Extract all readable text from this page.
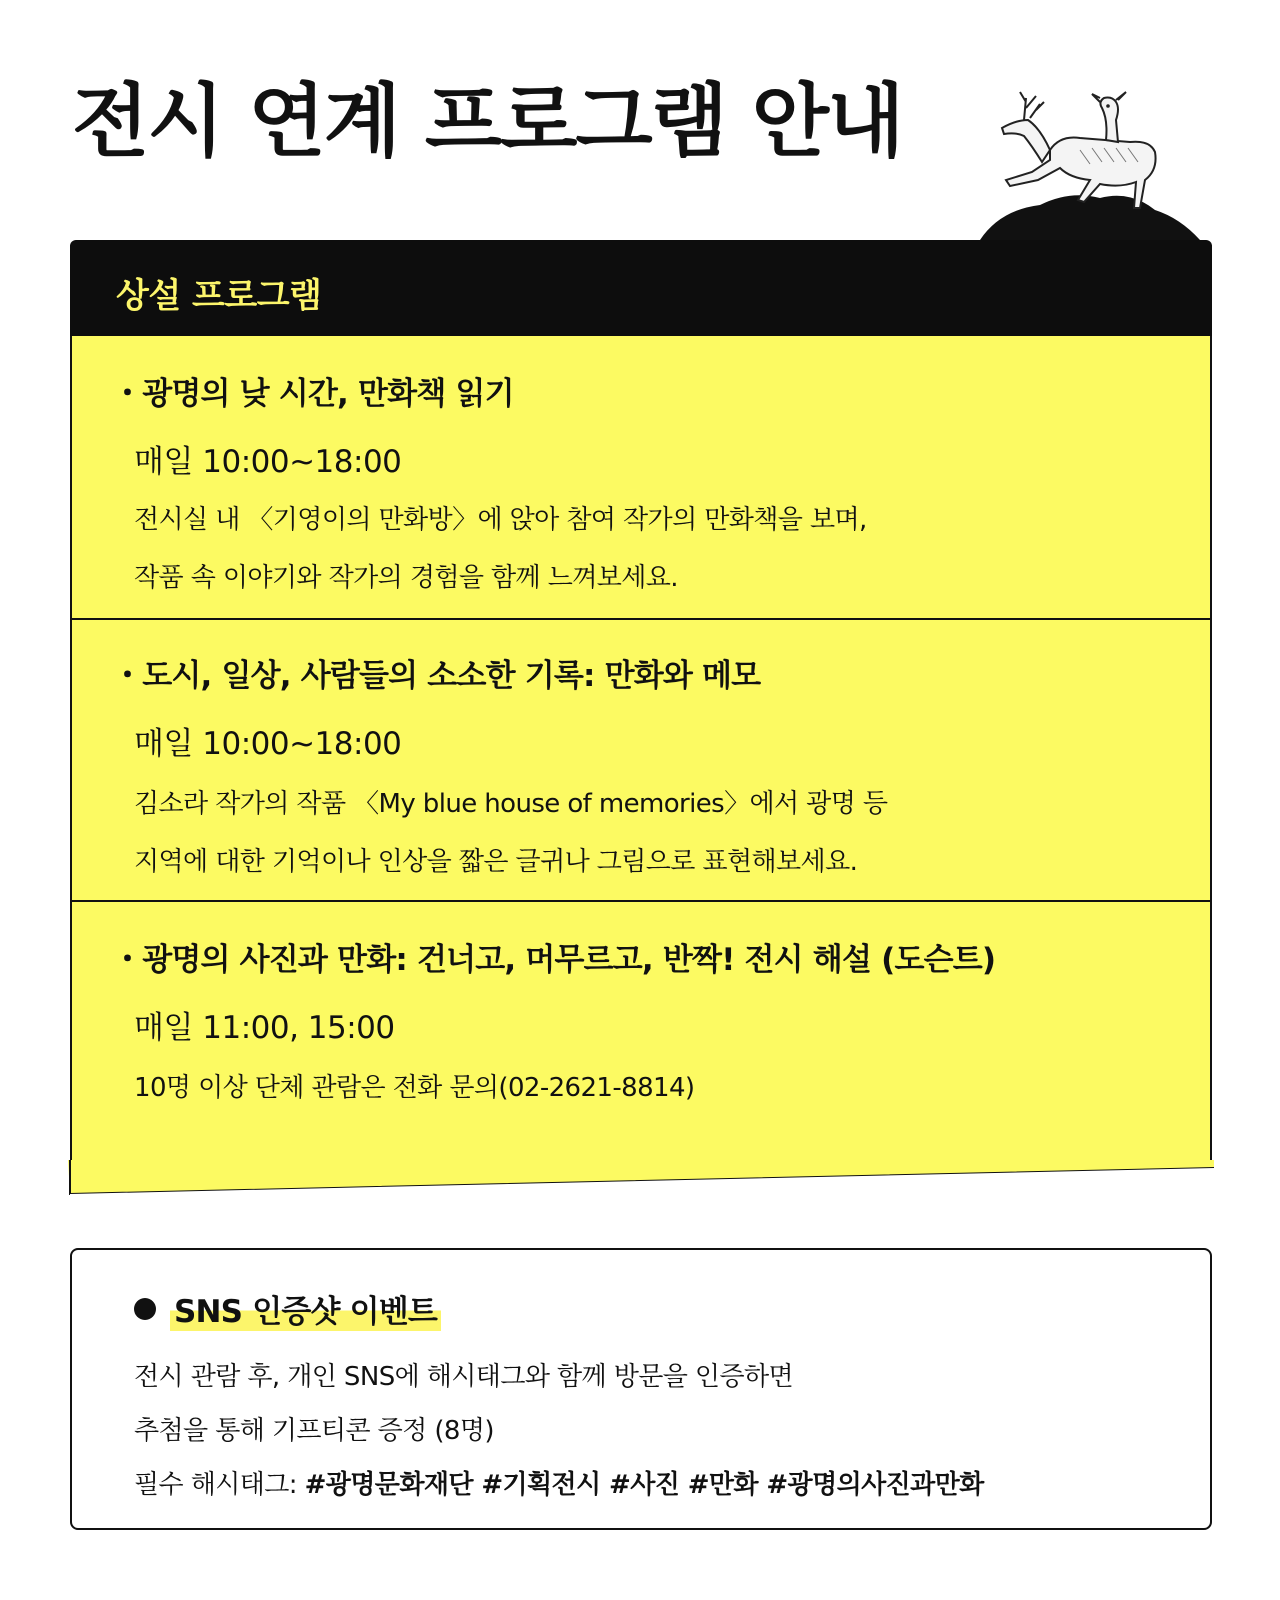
전시 연계 프로그램 안내
상설 프로그램
・광명의 낮 시간, 만화책 읽기
매일 10:00~18:00
전시실 내 〈기영이의 만화방〉에 앉아 참여 작가의 만화책을 보며,
작품 속 이야기와 작가의 경험을 함께 느껴보세요.
・도시, 일상, 사람들의 소소한 기록: 만화와 메모
매일 10:00~18:00
김소라 작가의 작품 〈My blue house of memories〉에서 광명 등
지역에 대한 기억이나 인상을 짧은 글귀나 그림으로 표현해보세요.
・광명의 사진과 만화: 건너고, 머무르고, 반짝! 전시 해설 (도슨트)
매일 11:00, 15:00
10명 이상 단체 관람은 전화 문의(02-2621-8814)
SNS 인증샷 이벤트
전시 관람 후, 개인 SNS에 해시태그와 함께 방문을 인증하면
추첨을 통해 기프티콘 증정 (8명)
필수 해시태그: #광명문화재단 #기획전시 #사진 #만화 #광명의사진과만화
